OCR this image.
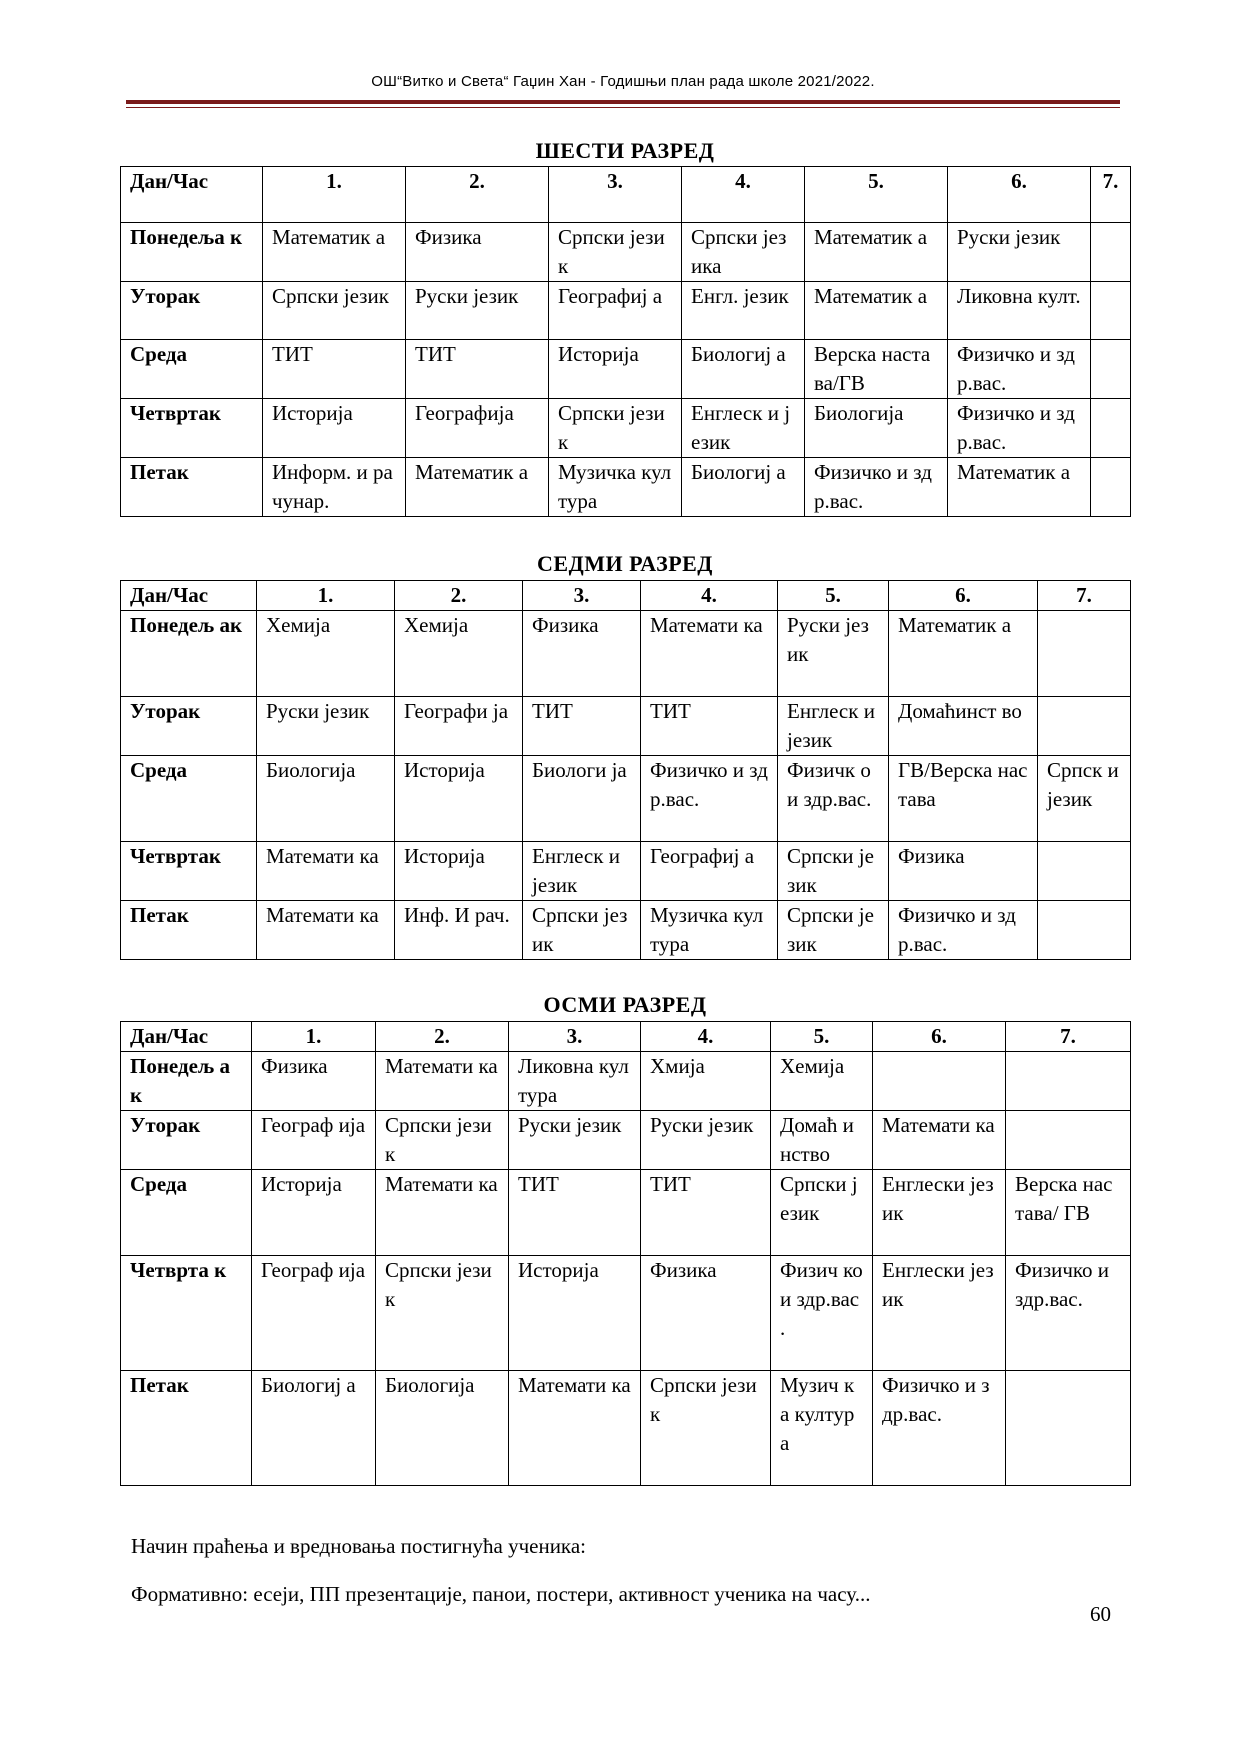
ОШ“Витко и Света“ Гаџин Хан - Годишњи план рада школе 2021/2022.
ШЕСТИ РАЗРЕД
Дан/Час	1.	2.	3.	4.	5.	6.	7.
Понедеља к	Математик а	Физика	Српски језик	Српски језика	Математик а	Руски језик	
Уторак	Српски језик	Руски језик	Географиј а	Енгл. језик	Математик а	Ликовна култ.	
Среда	ТИТ	ТИТ	Историја	Биологиј а	Верска настава/ГВ	Физичко и здр.вас.	
Четвртак	Историја	Географија	Српски језик	Енглеск и језик	Биологија	Физичко и здр.вас.	
Петак	Информ. и рачунар.	Математик а	Музичка култура	Биологиј а	Физичко и здр.вас.	Математик а	
СЕДМИ РАЗРЕД
Дан/Час	1.	2.	3.	4.	5.	6.	7.
Понедељ ак	Хемија	Хемија	Физика	Математи ка	Руски језик	Математик а	
Уторак	Руски језик	Географи ја	ТИТ	ТИТ	Енглеск и језик	Домаћинст во	
Среда	Биологија	Историја	Биологи ја	Физичко и здр.вас.	Физичк о и здр.вас.	ГВ/Верска настава	Српск и језик
Четвртак	Математи ка	Историја	Енглеск и језик	Географиј а	Српски језик	Физика	
Петак	Математи ка	Инф. И рач.	Српски језик	Музичка култура	Српски језик	Физичко и здр.вас.	
ОСМИ РАЗРЕД
Дан/Час	1.	2.	3.	4.	5.	6.	7.
Понедељ ак	Физика	Математи ка	Ликовна култура	Хмија	Хемија		
Уторак	Географ ија	Српски језик	Руски језик	Руски језик	Домаћ инство	Математи ка	
Среда	Историја	Математи ка	ТИТ	ТИТ	Српски језик	Енглески језик	Верска настава/ ГВ
Четврта к	Географ ија	Српски језик	Историја	Физика	Физич ко и здр.вас .	Енглески језик	Физичко и здр.вас.
Петак	Биологиј а	Биологија	Математи ка	Српски језик	Музич ка култур а	Физичко и здр.вас.	
Начин праћења и вредновања постигнућа ученика:
Формативно: есеји, ПП презентације, панои, постери, активност ученика на часу...
60
